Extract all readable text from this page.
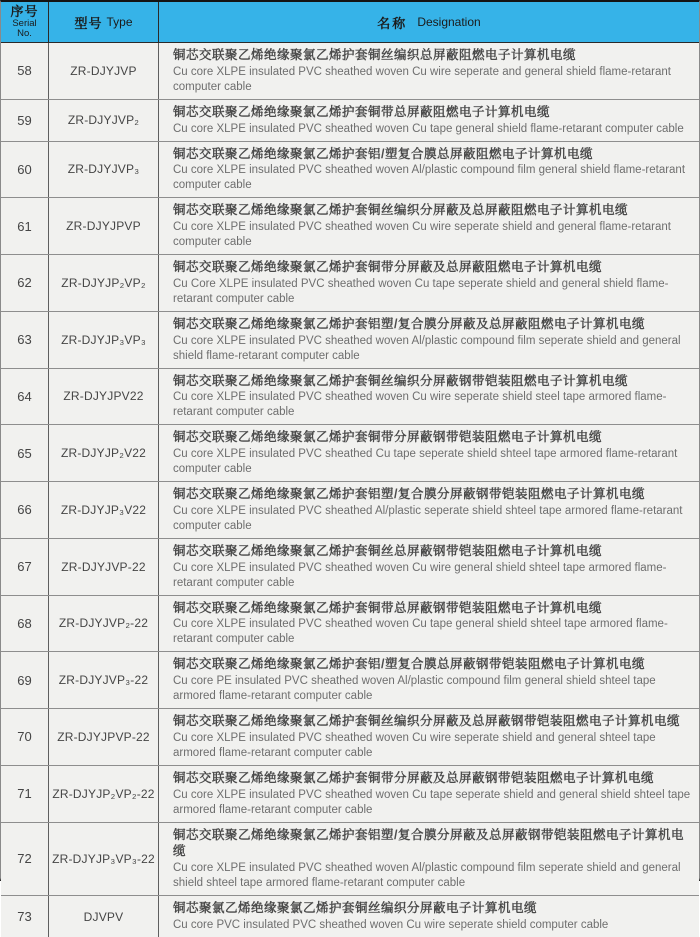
序号
Serial
No.
型号 Type	名称 Designation
58	ZR-DJYJVP
铜芯交联聚乙烯绝缘聚氯乙烯护套铜丝编织总屏蔽阻燃电子计算机电缆
Cu core XLPE insulated PVC sheathed woven Cu wire seperate and general shield flame-retarant computer cable
59	ZR-DJYJVP₂
铜芯交联聚乙烯绝缘聚氯乙烯护套铜带总屏蔽阻燃电子计算机电缆
Cu core XLPE insulated PVC sheathed woven Cu tape general shield flame-retarant computer cable
60	ZR-DJYJVP₃
铜芯交联聚乙烯绝缘聚氯乙烯护套铝/塑复合膜总屏蔽阻燃电子计算机电缆
Cu core XLPE insulated PVC sheathed woven Al/plastic compound film general shield flame-retarant computer cable
61	ZR-DJYJPVP
铜芯交联聚乙烯绝缘聚氯乙烯护套铜丝编织分屏蔽及总屏蔽阻燃电子计算机电缆
Cu core XLPE insulated PVC sheathed woven Cu wire seperate shield and general flame-retarant computer cable
62	ZR-DJYJP₂VP₂
铜芯交联聚乙烯绝缘聚氯乙烯护套铜带分屏蔽及总屏蔽阻燃电子计算机电缆
Cu Core XLPE insulated PVC sheathed woven Cu tape seperate shield and general shield flame-retarant computer cable
63	ZR-DJYJP₃VP₃
铜芯交联聚乙烯绝缘聚氯乙烯护套铝塑/复合膜分屏蔽及总屏蔽阻燃电子计算机电缆
Cu core XLPE insulated PVC sheathed woven Al/plastic compound film seperate shield and general shield flame-retarant computer cable
64	ZR-DJYJPV22
铜芯交联聚乙烯绝缘聚氯乙烯护套铜丝编织分屏蔽钢带铠装阻燃电子计算机电缆
Cu core XLPE insulated PVC sheathed woven Cu wire seperate shield steel tape armored flame-retarant computer cable
65	ZR-DJYJP₂V22
铜芯交联聚乙烯绝缘聚氯乙烯护套铜带分屏蔽钢带铠装阻燃电子计算机电缆
Cu core XLPE insulated PVC sheathed Cu tape seperate shield shteel tape armored flame-retarant computer cable
66	ZR-DJYJP₃V22
铜芯交联聚乙烯绝缘聚氯乙烯护套铝塑/复合膜分屏蔽钢带铠装阻燃电子计算机电缆
Cu core XLPE insulated PVC sheathed Al/plastic seperate shield shteel tape armored flame-retarant computer cable
67	ZR-DJYJVP-22
铜芯交联聚乙烯绝缘聚氯乙烯护套铜丝总屏蔽钢带铠装阻燃电子计算机电缆
Cu core XLPE insulated PVC sheathed woven Cu wire general shield shteel tape armored flame-retarant computer cable
68	ZR-DJYJVP₂-22
铜芯交联聚乙烯绝缘聚氯乙烯护套铜带总屏蔽钢带铠装阻燃电子计算机电缆
Cu core XLPE insulated PVC sheathed woven Cu tape general shield shteel tape armored flame-retarant computer cable
69	ZR-DJYJVP₃-22
铜芯交联聚乙烯绝缘聚氯乙烯护套铝/塑复合膜总屏蔽钢带铠装阻燃电子计算机电缆
Cu core PE insulated PVC sheathed woven Al/plastic compound film general shield shteel tape armored flame-retarant computer cable
70	ZR-DJYJPVP-22
铜芯交联聚乙烯绝缘聚氯乙烯护套铜丝编织分屏蔽及总屏蔽钢带铠装阻燃电子计算机电缆
Cu core XLPE insulated PVC sheathed woven Cu wire seperate shield and general shteel tape armored flame-retarant computer cable
71	ZR-DJYJP₂VP₂-22
铜芯交联聚乙烯绝缘聚氯乙烯护套铜带分屏蔽及总屏蔽钢带铠装阻燃电子计算机电缆
Cu core XLPE insulated PVC sheathed woven Cu tape seperate shield and general shield shteel tape armored flame-retarant computer cable
72	ZR-DJYJP₃VP₃-22
铜芯交联聚乙烯绝缘聚氯乙烯护套铝塑/复合膜分屏蔽及总屏蔽钢带铠装阻燃电子计算机电缆
Cu core XLPE insulated PVC sheathed woven Al/plastic compound film seperate shield and general shield shteel tape armored flame-retarant computer cable
73	DJVPV
铜芯聚氯乙烯绝缘聚氯乙烯护套铜丝编织分屏蔽电子计算机电缆
Cu core PVC insulated PVC sheathed woven Cu wire seperate shield computer cable
